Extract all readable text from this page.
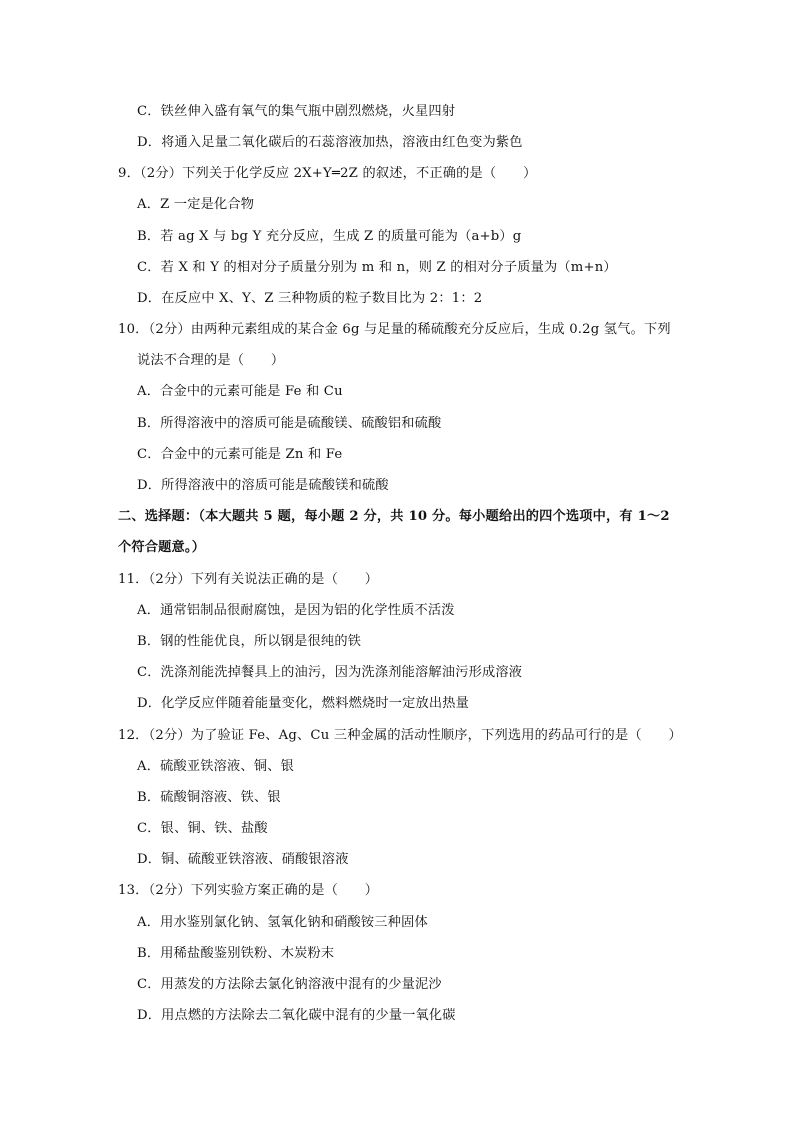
C．铁丝伸入盛有氧气的集气瓶中剧烈燃烧，火星四射
D．将通入足量二氧化碳后的石蕊溶液加热，溶液由红色变为紫色
9．（2分）下列关于化学反应 2X+Y═2Z 的叙述，不正确的是（　　）
A．Z 一定是化合物
B．若 ag X 与 bg Y 充分反应，生成 Z 的质量可能为（a+b）g
C．若 X 和 Y 的相对分子质量分别为 m 和 n，则 Z 的相对分子质量为（m+n）
D．在反应中 X、Y、Z 三种物质的粒子数目比为 2：1：2
10．（2分）由两种元素组成的某合金 6g 与足量的稀硫酸充分反应后，生成 0.2g 氢气。下列
说法不合理的是（　　）
A．合金中的元素可能是 Fe 和 Cu
B．所得溶液中的溶质可能是硫酸镁、硫酸铝和硫酸
C．合金中的元素可能是 Zn 和 Fe
D．所得溶液中的溶质可能是硫酸镁和硫酸
二、选择题：（本大题共 5 题，每小题 2 分，共 10 分。每小题给出的四个选项中，有 1～2
个符合题意。）
11．（2分）下列有关说法正确的是（　　）
A．通常铝制品很耐腐蚀，是因为铝的化学性质不活泼
B．钢的性能优良，所以钢是很纯的铁
C．洗涤剂能洗掉餐具上的油污，因为洗涤剂能溶解油污形成溶液
D．化学反应伴随着能量变化，燃料燃烧时一定放出热量
12．（2分）为了验证 Fe、Ag、Cu 三种金属的活动性顺序，下列选用的药品可行的是（　　）
A．硫酸亚铁溶液、铜、银
B．硫酸铜溶液、铁、银
C．银、铜、铁、盐酸
D．铜、硫酸亚铁溶液、硝酸银溶液
13．（2分）下列实验方案正确的是（　　）
A．用水鉴别氯化钠、氢氧化钠和硝酸铵三种固体
B．用稀盐酸鉴别铁粉、木炭粉末
C．用蒸发的方法除去氯化钠溶液中混有的少量泥沙
D．用点燃的方法除去二氧化碳中混有的少量一氧化碳
